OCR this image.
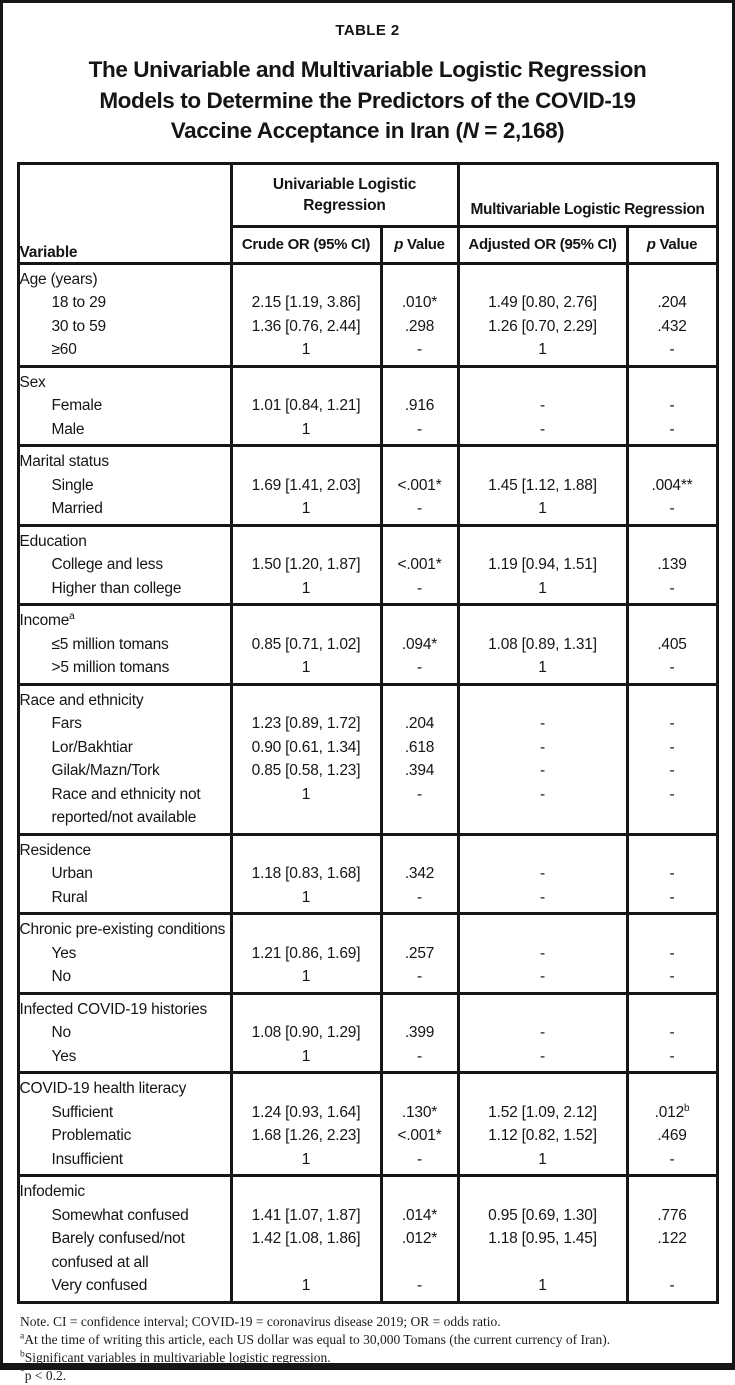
TABLE 2
The Univariable and Multivariable Logistic Regression
Models to Determine the Predictors of the COVID-19
Vaccine Acceptance in Iran (N = 2,168)
Variable	Univariable Logistic Regression		Multivariable Logistic Regression	
	Crude OR (95% CI)	p Value	Adjusted OR (95% CI)	p Value
Age (years)				
18 to 29	2.15 [1.19, 3.86]	.010*	1.49 [0.80, 2.76]	.204
30 to 59	1.36 [0.76, 2.44]	.298	1.26 [0.70, 2.29]	.432
≥60	1	-	1	-
Sex				
Female	1.01 [0.84, 1.21]	.916	-	-
Male	1	-	-	-
Marital status				
Single	1.69 [1.41, 2.03]	<.001*	1.45 [1.12, 1.88]	.004**
Married	1	-	1	-
Education				
College and less	1.50 [1.20, 1.87]	<.001*	1.19 [0.94, 1.51]	.139
Higher than college	1	-	1	-
Income$^a$				
≤5 million tomans	0.85 [0.71, 1.02]	.094*	1.08 [0.89, 1.31]	.405
>5 million tomans	1	-	1	-
Race and ethnicity				
Fars	1.23 [0.89, 1.72]	.204	-	-
Lor/Bakhtiar	0.90 [0.61, 1.34]	.618	-	-
Gilak/Mazn/Tork	0.85 [0.58, 1.23]	.394	-	-
Race and ethnicity not reported/not available	1	-	-	-
Residence				
Urban	1.18 [0.83, 1.68]	.342	-	-
Rural	1	-	-	-
Chronic pre-existing conditions				
Yes	1.21 [0.86, 1.69]	.257	-	-
No	1	-	-	-
Infected COVID-19 histories				
No	1.08 [0.90, 1.29]	.399	-	-
Yes	1	-	-	-
COVID-19 health literacy				
Sufficient	1.24 [0.93, 1.64]	.130*	1.52 [1.09, 2.12]	.012$^b$
Problematic	1.68 [1.26, 2.23]	<.001*	1.12 [0.82, 1.52]	.469
Insufficient	1	-	1	-
Infodemic				
Somewhat confused	1.41 [1.07, 1.87]	.014*	0.95 [0.69, 1.30]	.776
Barely confused/not confused at all	1.42 [1.08, 1.86]	.012*	1.18 [0.95, 1.45]	.122
Very confused	1	-	1	-

Note. CI = confidence interval; COVID-19 = coronavirus disease 2019; OR = odds ratio.

$^a$At the time of writing this article, each US dollar was equal to 30,000 Tomans (the current currency of Iran).

$^b$Significant variables in multivariable logistic regression.

*p < 0.2.
